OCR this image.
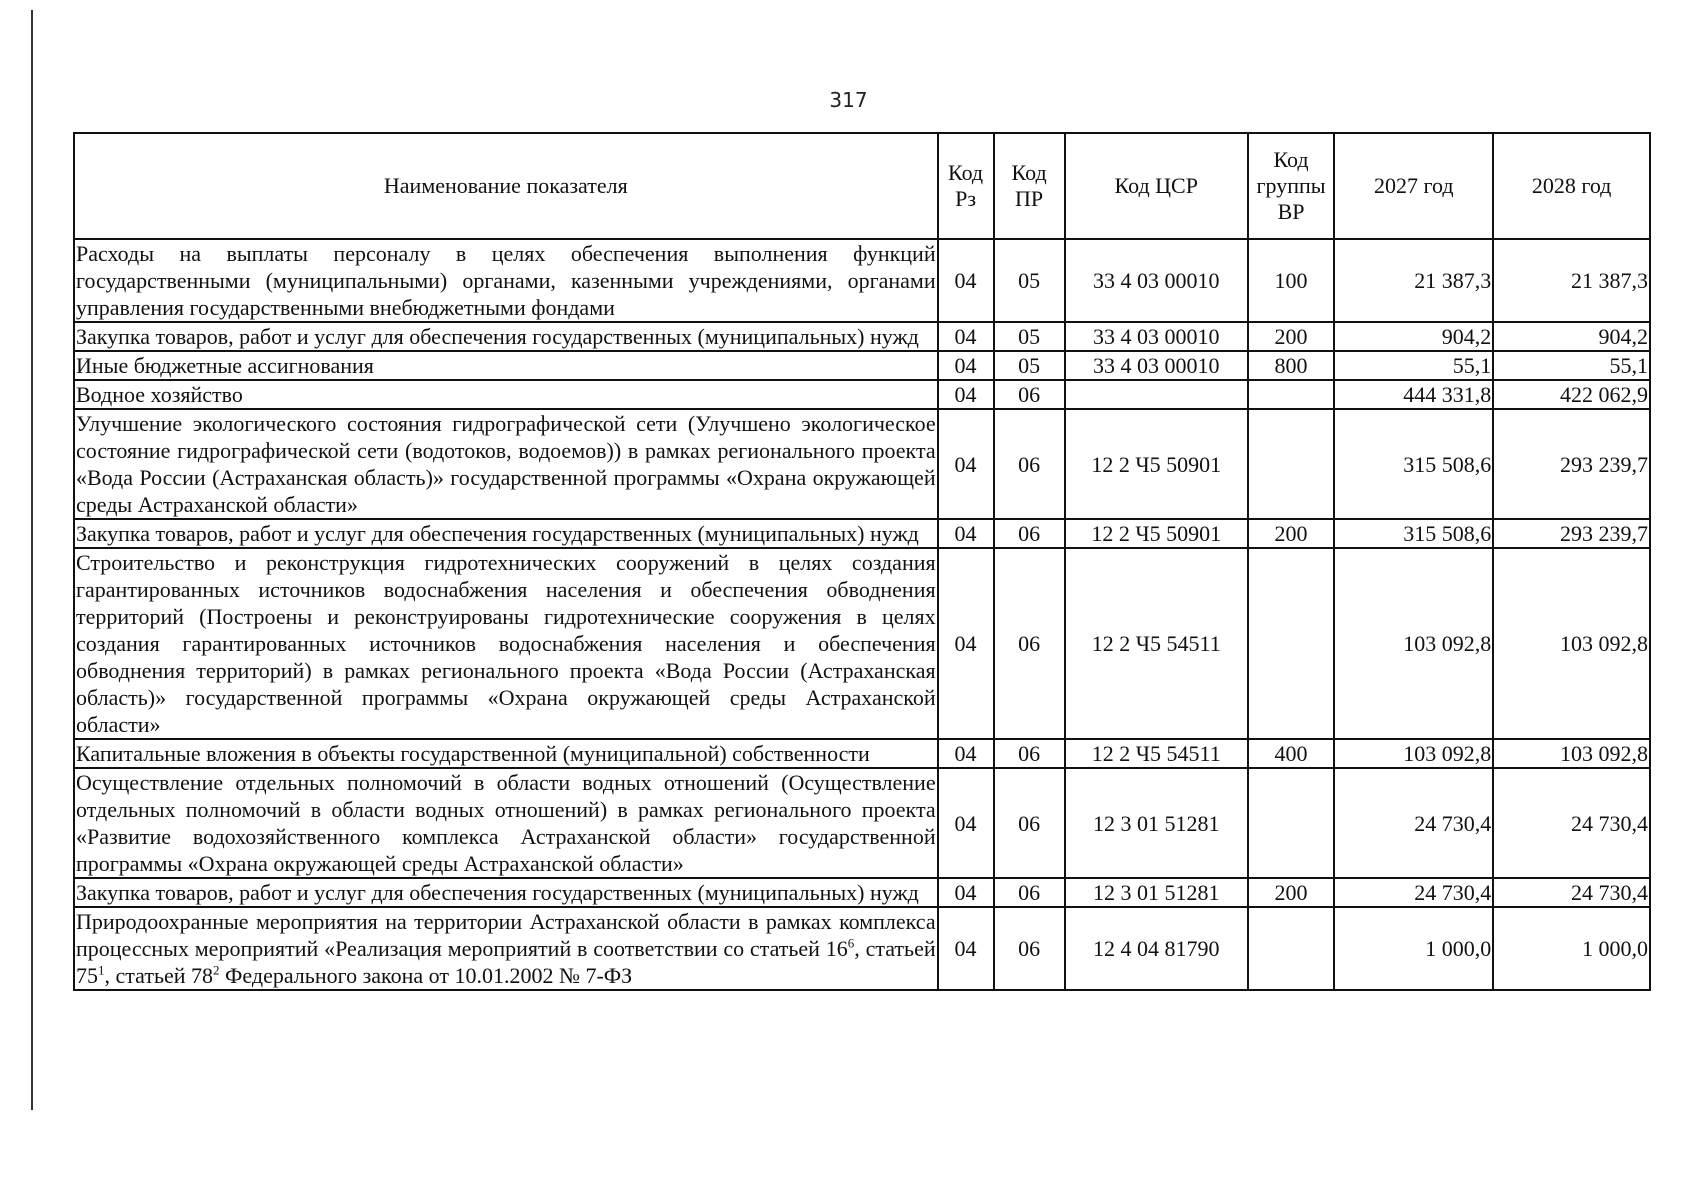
317
Наименование показателя	Код Рз	Код ПР	Код ЦСР	Код группы ВР	2027 год	2028 год
Расходы на выплаты персоналу в целях обеспечения выполнения функций государственными (муниципальными) органами, казенными учреждениями, органами управления государственными внебюджетными фондами	04	05	33 4 03 00010	100	21 387,3	21 387,3
Закупка товаров, работ и услуг для обеспечения государственных (муниципальных) нужд	04	05	33 4 03 00010	200	904,2	904,2
Иные бюджетные ассигнования	04	05	33 4 03 00010	800	55,1	55,1
Водное хозяйство	04	06			444 331,8	422 062,9
Улучшение экологического состояния гидрографической сети (Улучшено экологическое состояние гидрографической сети (водотоков, водоемов)) в рамках регионального проекта «Вода России (Астраханская область)» государственной программы «Охрана окружающей среды Астраханской области»	04	06	12 2 Ч5 50901		315 508,6	293 239,7
Закупка товаров, работ и услуг для обеспечения государственных (муниципальных) нужд	04	06	12 2 Ч5 50901	200	315 508,6	293 239,7
Строительство и реконструкция гидротехнических сооружений в целях создания гарантированных источников водоснабжения населения и обеспечения обводнения территорий (Построены и реконструированы гидротехнические сооружения в целях создания гарантированных источников водоснабжения населения и обеспечения обводнения территорий) в рамках регионального проекта «Вода России (Астраханская область)» государственной программы «Охрана окружающей среды Астраханской области»	04	06	12 2 Ч5 54511		103 092,8	103 092,8
Капитальные вложения в объекты государственной (муниципальной) собственности	04	06	12 2 Ч5 54511	400	103 092,8	103 092,8
Осуществление отдельных полномочий в области водных отношений (Осуществление отдельных полномочий в области водных отношений) в рамках регионального проекта «Развитие водохозяйственного комплекса Астраханской области» государственной программы «Охрана окружающей среды Астраханской области»	04	06	12 3 01 51281		24 730,4	24 730,4
Закупка товаров, работ и услуг для обеспечения государственных (муниципальных) нужд	04	06	12 3 01 51281	200	24 730,4	24 730,4
Природоохранные мероприятия на территории Астраханской области в рамках комплекса процессных мероприятий «Реализация мероприятий в соответствии со статьей $16^6$, статьей $75^1$, статьей $78^2$ Федерального закона от 10.01.2002 № 7-ФЗ	04	06	12 4 04 81790		1 000,0	1 000,0
